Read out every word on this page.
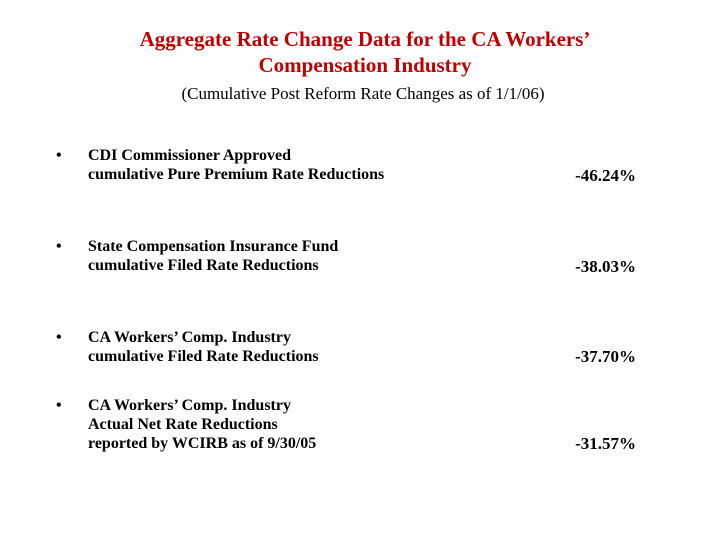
Aggregate Rate Change Data for the CA Workers’
Compensation Industry
(Cumulative Post Reform Rate Changes as of 1/1/06)
• CDI Commissioner Approved
cumulative Pure Premium Rate Reductions	-46.24%
• State Compensation Insurance Fund
cumulative Filed Rate Reductions	-38.03%
• CA Workers’ Comp. Industry
cumulative Filed Rate Reductions	-37.70%
• CA Workers’ Comp. Industry
Actual Net Rate Reductions
reported by WCIRB as of 9/30/05	-31.57%
